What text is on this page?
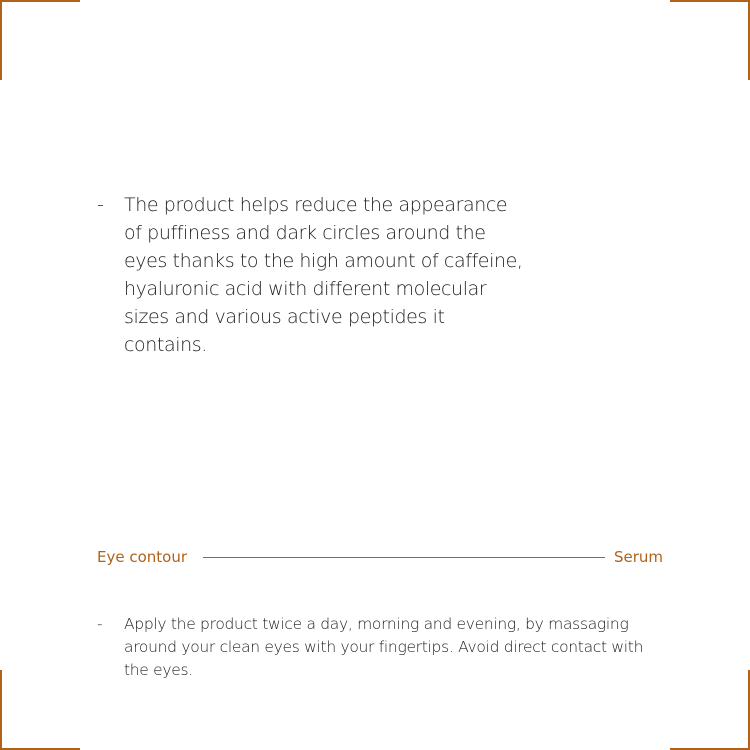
-	The product helps reduce the appearance of puffiness and dark circles around the eyes thanks to the high amount of caffeine, hyaluronic acid with different molecular sizes and various active peptides it contains.
Eye contour	Serum
-	Apply the product twice a day, morning and evening, by massaging around your clean eyes with your fingertips. Avoid direct contact with the eyes.
